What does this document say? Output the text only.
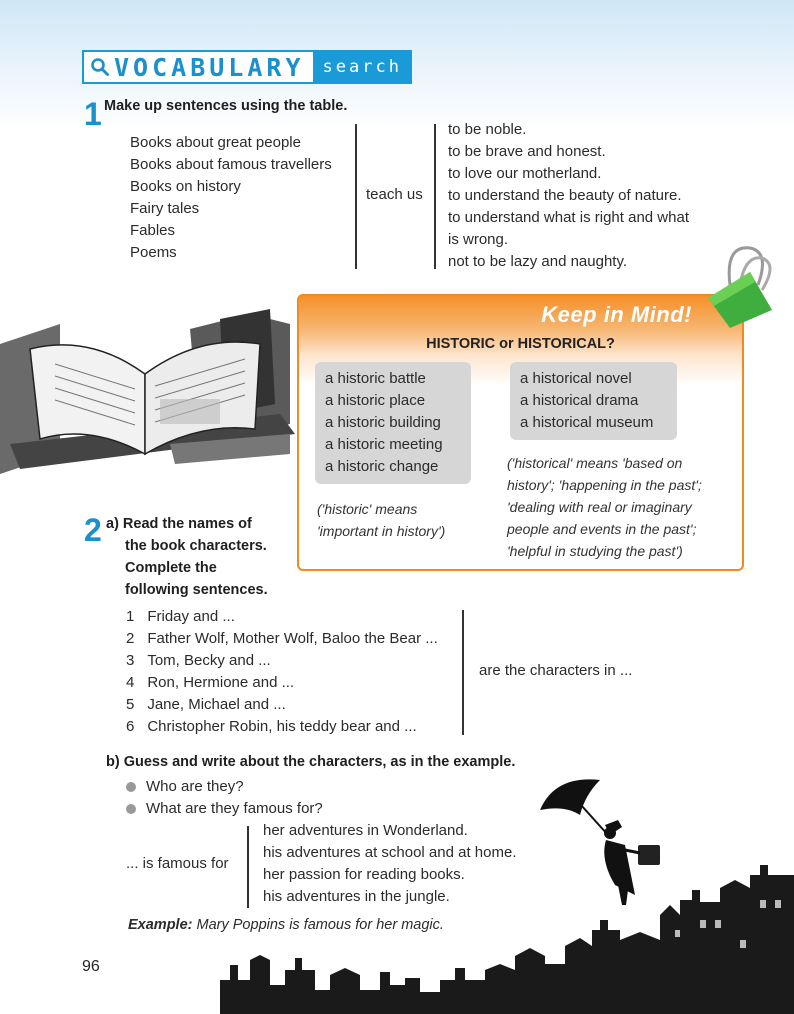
VOCABULARY	search
1 Make up sentences using the table.
Books about great people
Books about famous travellers
Books on history
Fairy tales
Fables
Poems
teach us
to be noble.
to be brave and honest.
to love our motherland.
to understand the beauty of nature.
to understand what is right and what
is wrong.
not to be lazy and naughty.
Keep in Mind!
HISTORIC or HISTORICAL?
a historic battle
a historic place
a historic building
a historic meeting
a historic change
('historic' means
'important in history')
a historical novel
a historical drama
a historical museum
('historical' means 'based on
history'; 'happening in the past';
'dealing with real or imaginary
people and events in the past';
'helpful in studying the past')
2 a) Read the names of
the book characters.
Complete the
following sentences.
1 Friday and ...
2 Father Wolf, Mother Wolf, Baloo the Bear ...
3 Tom, Becky and ...
4 Ron, Hermione and ...
5 Jane, Michael and ...
6 Christopher Robin, his teddy bear and ...
are the characters in ...
b) Guess and write about the characters, as in the example.
Who are they?
What are they famous for?
... is famous for
her adventures in Wonderland.
his adventures at school and at home.
her passion for reading books.
his adventures in the jungle.
Example: Mary Poppins is famous for her magic.
96
